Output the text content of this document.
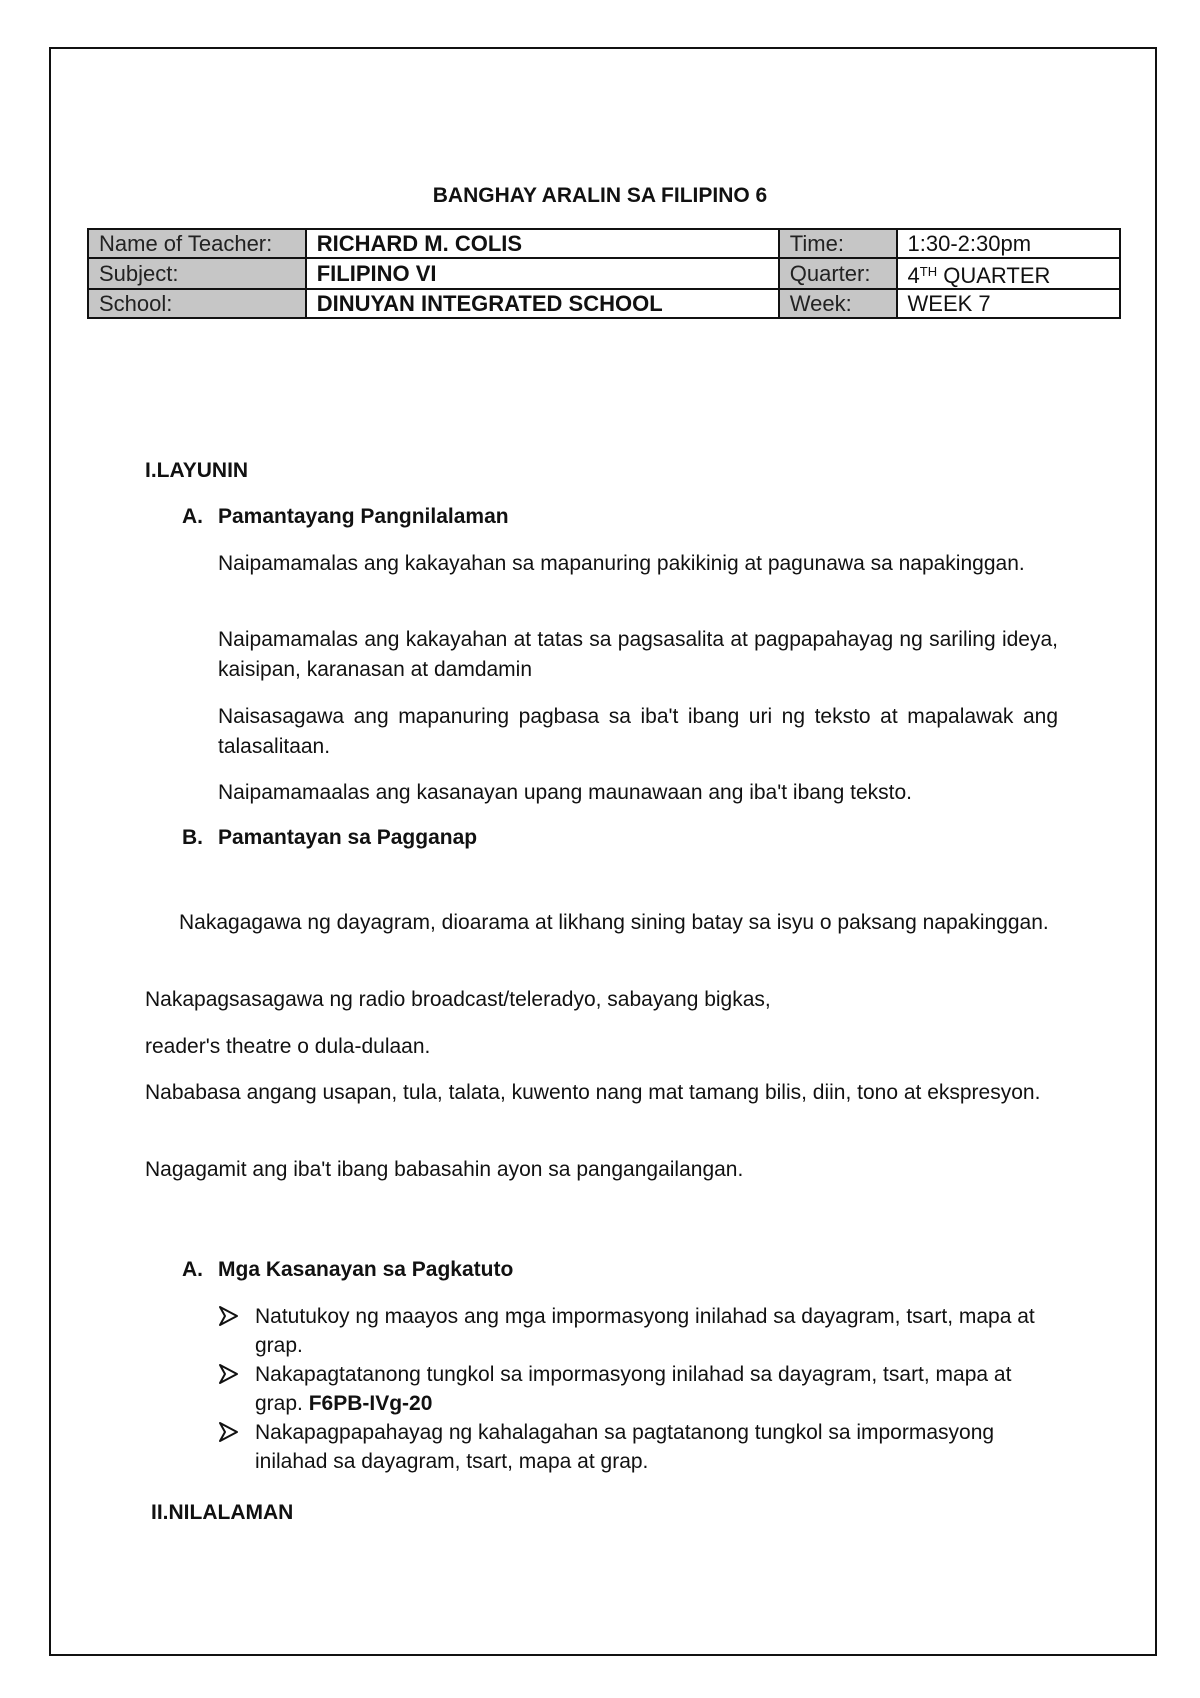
BANGHAY ARALIN SA FILIPINO 6
Name of Teacher:	RICHARD M. COLIS	Time:	1:30-2:30pm
Subject:	FILIPINO VI	Quarter:	4TH QUARTER
School:	DINUYAN INTEGRATED SCHOOL	Week:	WEEK 7
I.LAYUNIN
A. Pamantayang Pangnilalaman
Naipamamalas ang kakayahan sa mapanuring pakikinig at pagunawa sa napakinggan.
Naipamamalas ang kakayahan at tatas sa pagsasalita at pagpapahayag ng sariling ideya, kaisipan, karanasan at damdamin
Naisasagawa ang mapanuring pagbasa sa iba't ibang uri ng teksto at mapalawak ang talasalitaan.
Naipamamaalas ang kasanayan upang maunawaan ang iba't ibang teksto.
B. Pamantayan sa Pagganap
Nakagagawa ng dayagram, dioarama at likhang sining batay sa isyu o paksang napakinggan.
Nakapagsasagawa ng radio broadcast/teleradyo, sabayang bigkas,
reader's theatre o dula-dulaan.
Nababasa angang usapan, tula, talata, kuwento nang mat tamang bilis, diin, tono at ekspresyon.
Nagagamit ang iba't ibang babasahin ayon sa pangangailangan.
A. Mga Kasanayan sa Pagkatuto
Natutukoy ng maayos ang mga impormasyong inilahad sa dayagram, tsart, mapa at grap.
Nakapagtatanong tungkol sa impormasyong inilahad sa dayagram, tsart, mapa at grap. F6PB-IVg-20
Nakapagpapahayag ng kahalagahan sa pagtatanong tungkol sa impormasyong inilahad sa dayagram, tsart, mapa at grap.
II.NILALAMAN
